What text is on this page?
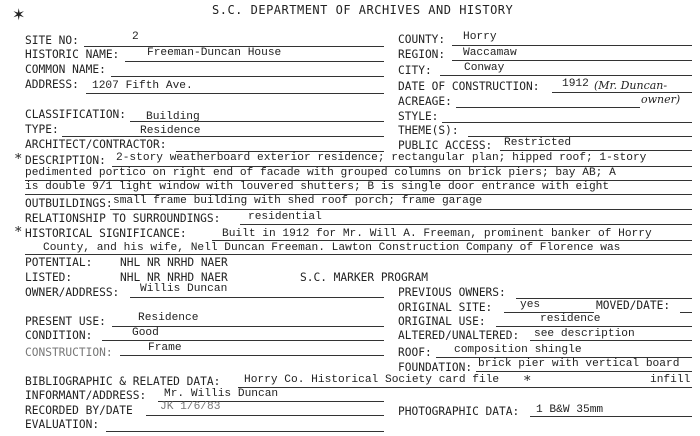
✶	S.C. DEPARTMENT OF ARCHIVES AND HISTORY
SITE NO:	2
HISTORIC NAME: Freeman-Duncan House
COMMON NAME:
ADDRESS: 1207 Fifth Ave.
CLASSIFICATION: Building
TYPE:	Residence
ARCHITECT/CONTRACTOR:
COUNTY: Horry
REGION: Waccamaw
CITY:	Conway
DATE OF CONSTRUCTION: 1912 (Mr. Duncan-
owner)
ACREAGE:
STYLE:
THEME(S):
PUBLIC ACCESS: Restricted
* DESCRIPTION: 2-story weatherboard exterior residence; rectangular plan; hipped roof; 1-story
pedimented portico on right end of facade with grouped columns on brick piers; bay AB; A
is double 9/1 light window with louvered shutters; B is single door entrance with eight
OUTBUILDINGS: small frame building with shed roof porch; frame garage
RELATIONSHIP TO SURROUNDINGS: residential
* HISTORICAL SIGNIFICANCE:	Built in 1912 for Mr. Will A. Freeman, prominent banker of Horry
County, and his wife, Nell Duncan Freeman. Lawton Construction Company of Florence was
POTENTIAL: NHL NR NRHD NAER
LISTED:	NHL NR NRHD NAER	S.C. MARKER PROGRAM
OWNER/ADDRESS: Willis Duncan	PREVIOUS OWNERS:
ORIGINAL SITE: yes	MOVED/DATE:
ORIGINAL USE:	residence
ALTERED/UNALTERED: see description
PRESENT USE:	Residence
CONDITION:	Good
CONSTRUCTION:	Frame	ROOF: composition shingle
FOUNDATION: brick pier with vertical board
BIBLIOGRAPHIC & RELATED DATA: Horry Co. Historical Society card file *	infill
INFORMANT/ADDRESS: Mr. Willis Duncan
RECORDED BY/DATE JK 1/6/83	PHOTOGRAPHIC DATA: 1 B&W 35mm
EVALUATION:
